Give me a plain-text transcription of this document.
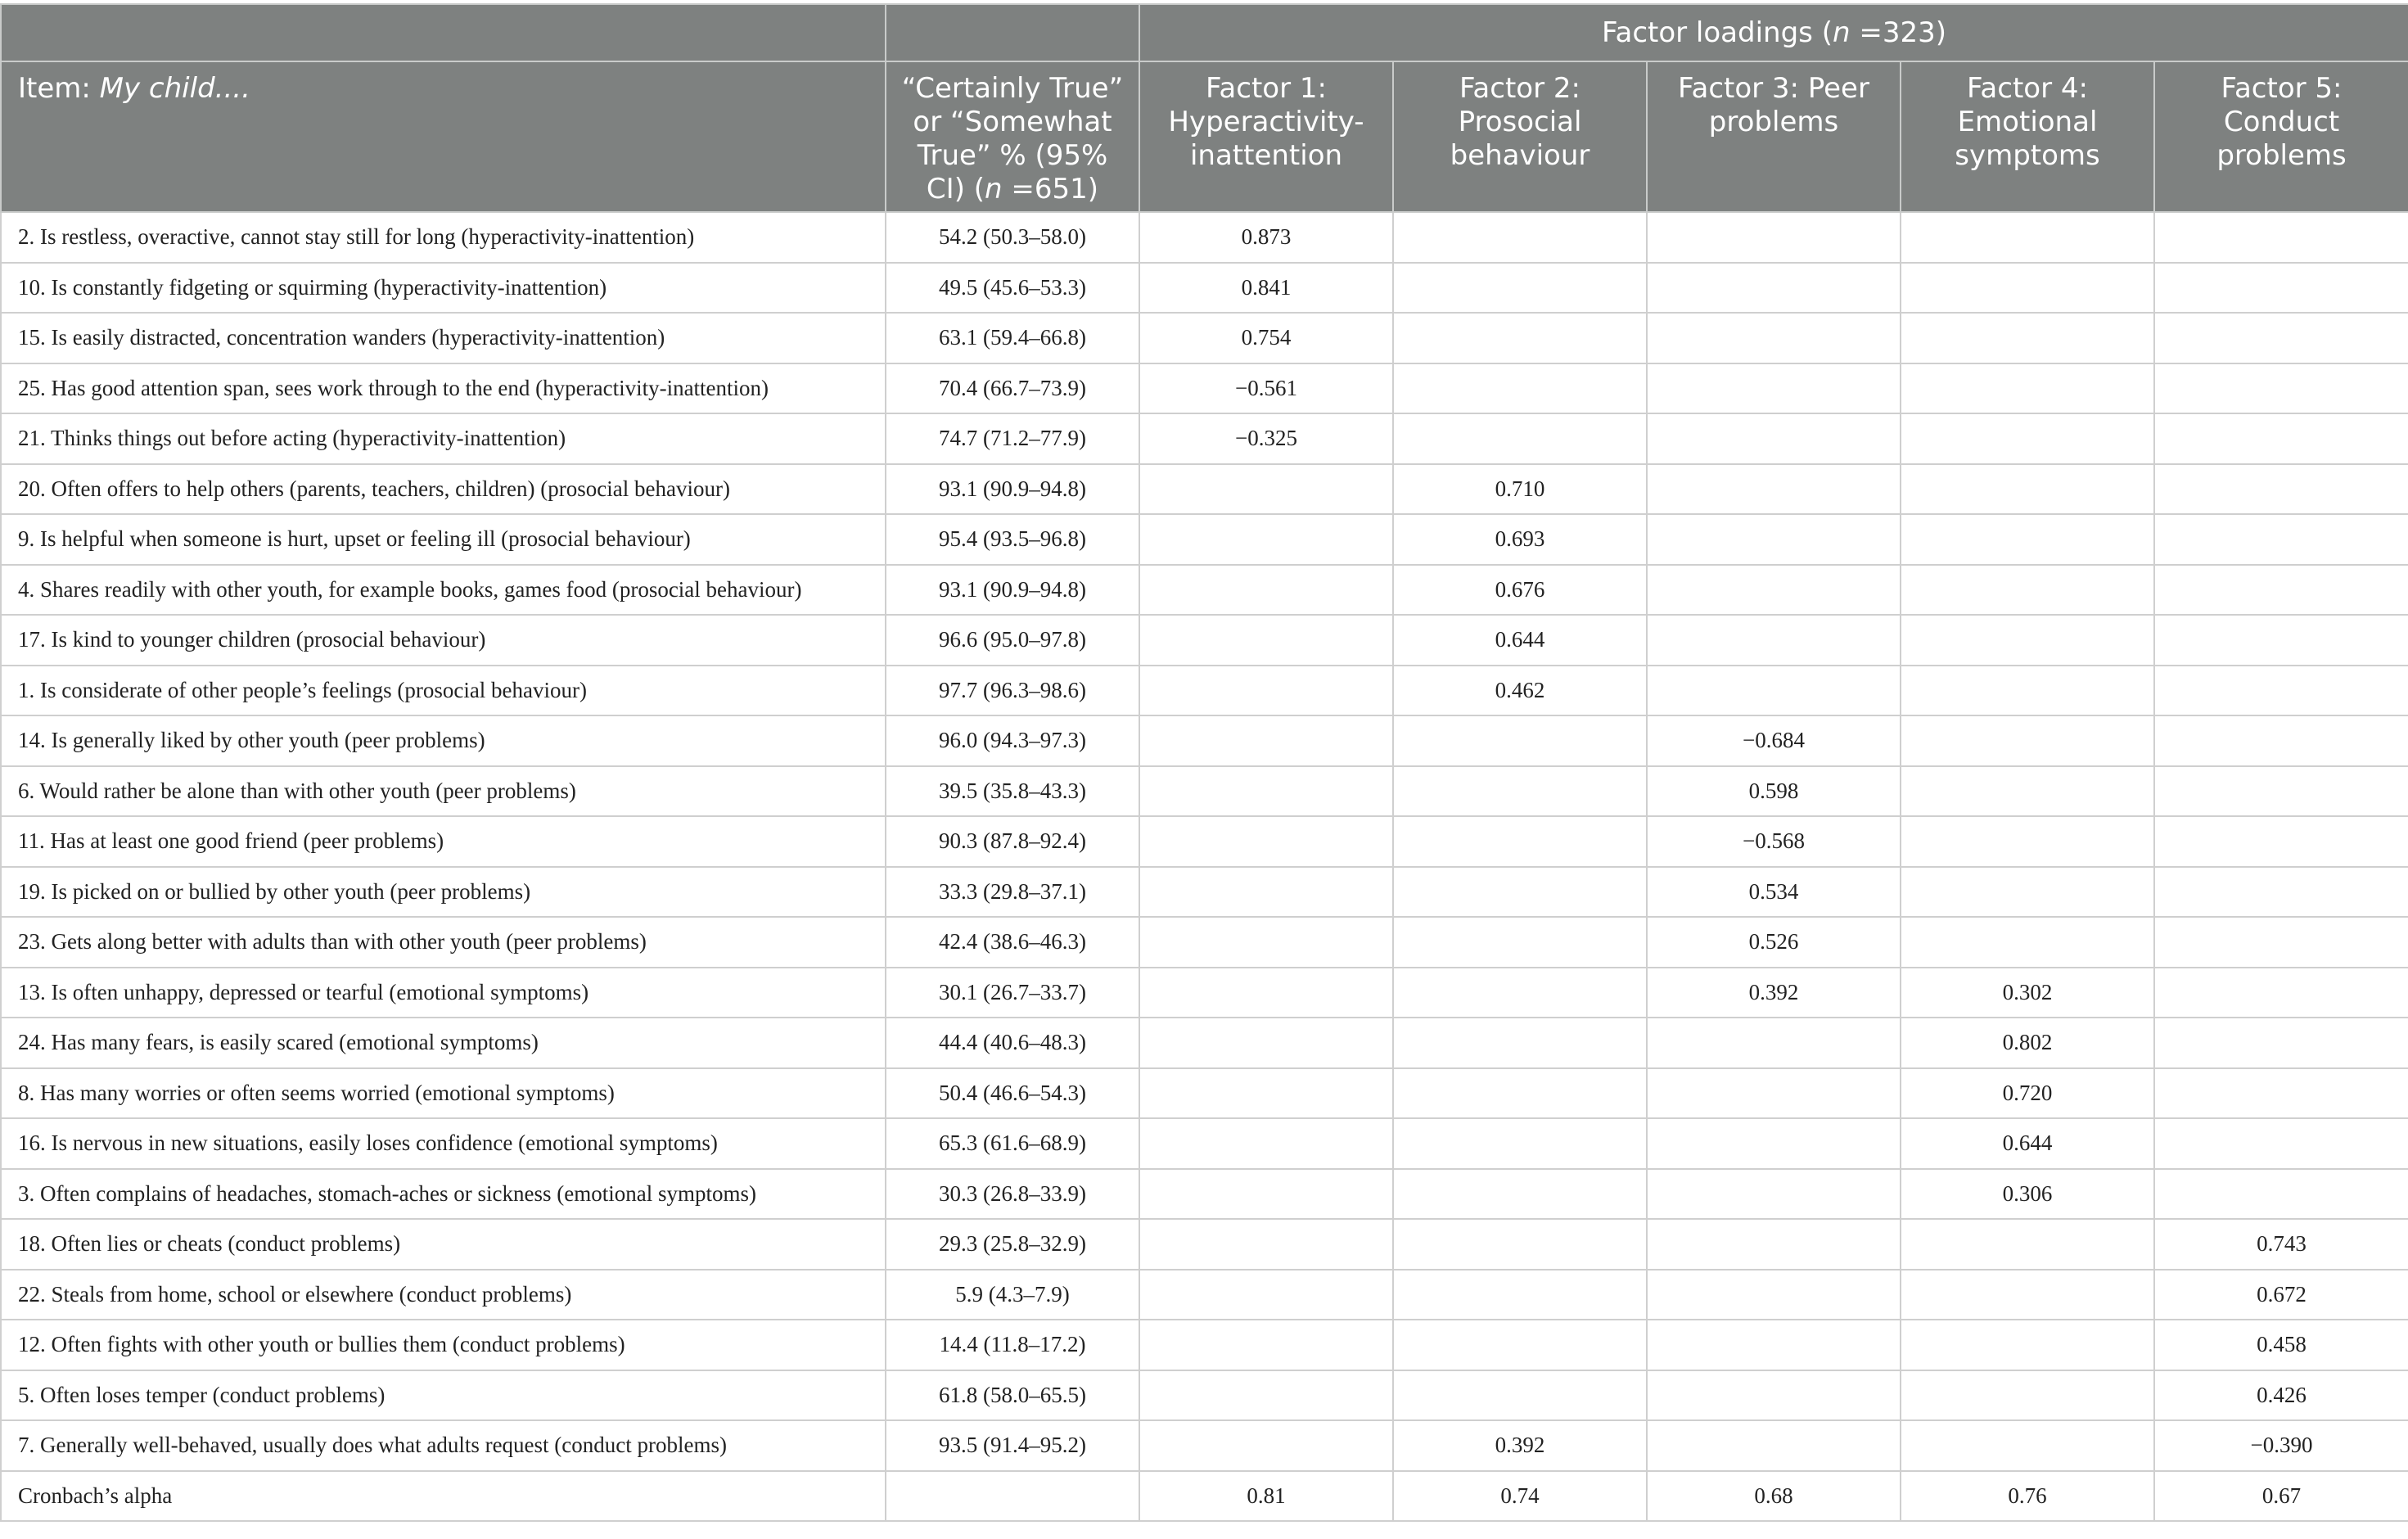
		Factor loadings (n =323)				
Item: My child....	“Certainly True” or “Somewhat True” % (95% CI) (n =651)	Factor 1: Hyperactivity-inattention	Factor 2: Prosocial behaviour	Factor 3: Peer problems	Factor 4: Emotional symptoms	Factor 5: Conduct problems
2. Is restless, overactive, cannot stay still for long (hyperactivity-inattention)	54.2 (50.3–58.0)	0.873				
10. Is constantly fidgeting or squirming (hyperactivity-inattention)	49.5 (45.6–53.3)	0.841				
15. Is easily distracted, concentration wanders (hyperactivity-inattention)	63.1 (59.4–66.8)	0.754				
25. Has good attention span, sees work through to the end (hyperactivity-inattention)	70.4 (66.7–73.9)	−0.561				
21. Thinks things out before acting (hyperactivity-inattention)	74.7 (71.2–77.9)	−0.325				
20. Often offers to help others (parents, teachers, children) (prosocial behaviour)	93.1 (90.9–94.8)		0.710			
9. Is helpful when someone is hurt, upset or feeling ill (prosocial behaviour)	95.4 (93.5–96.8)		0.693			
4. Shares readily with other youth, for example books, games food (prosocial behaviour)	93.1 (90.9–94.8)		0.676			
17. Is kind to younger children (prosocial behaviour)	96.6 (95.0–97.8)		0.644			
1. Is considerate of other people’s feelings (prosocial behaviour)	97.7 (96.3–98.6)		0.462			
14. Is generally liked by other youth (peer problems)	96.0 (94.3–97.3)			−0.684		
6. Would rather be alone than with other youth (peer problems)	39.5 (35.8–43.3)			0.598		
11. Has at least one good friend (peer problems)	90.3 (87.8–92.4)			−0.568		
19. Is picked on or bullied by other youth (peer problems)	33.3 (29.8–37.1)			0.534		
23. Gets along better with adults than with other youth (peer problems)	42.4 (38.6–46.3)			0.526		
13. Is often unhappy, depressed or tearful (emotional symptoms)	30.1 (26.7–33.7)			0.392	0.302	
24. Has many fears, is easily scared (emotional symptoms)	44.4 (40.6–48.3)				0.802	
8. Has many worries or often seems worried (emotional symptoms)	50.4 (46.6–54.3)				0.720	
16. Is nervous in new situations, easily loses confidence (emotional symptoms)	65.3 (61.6–68.9)				0.644	
3. Often complains of headaches, stomach-aches or sickness (emotional symptoms)	30.3 (26.8–33.9)				0.306	
18. Often lies or cheats (conduct problems)	29.3 (25.8–32.9)					0.743
22. Steals from home, school or elsewhere (conduct problems)	5.9 (4.3–7.9)					0.672
12. Often fights with other youth or bullies them (conduct problems)	14.4 (11.8–17.2)					0.458
5. Often loses temper (conduct problems)	61.8 (58.0–65.5)					0.426
7. Generally well-behaved, usually does what adults request (conduct problems)	93.5 (91.4–95.2)		0.392			−0.390
Cronbach’s alpha		0.81	0.74	0.68	0.76	0.67
